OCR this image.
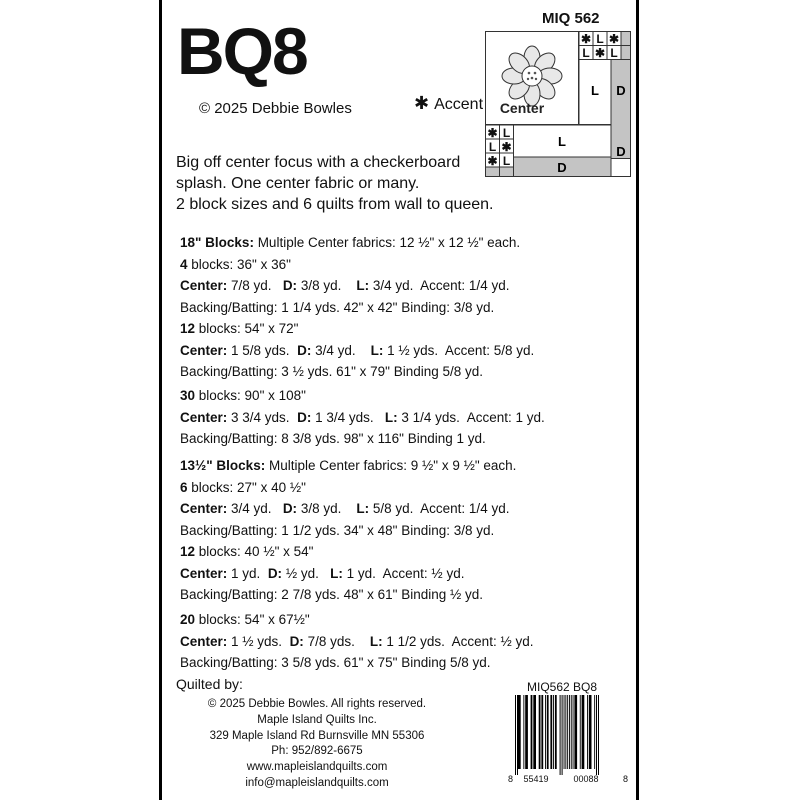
BQ8
© 2025 Debbie Bowles	✱ Accent
MIQ 562
Center
✱ L ✱
L ✱ L
L D
D
✱ L
L ✱
✱ L
L
D
Big off center focus with a checkerboard
splash. One center fabric or many.
2 block sizes and 6 quilts from wall to queen.
18" Blocks: Multiple Center fabrics: 12 ½" x 12 ½" each.
4 blocks: 36" x 36"
Center: 7/8 yd. D: 3/8 yd. L: 3/4 yd. Accent: 1/4 yd.
Backing/Batting: 1 1/4 yds. 42" x 42" Binding: 3/8 yd.
12 blocks: 54" x 72"
Center: 1 5/8 yds. D: 3/4 yd. L: 1 ½ yds. Accent: 5/8 yd.
Backing/Batting: 3 ½ yds. 61" x 79" Binding 5/8 yd.
30 blocks: 90" x 108"
Center: 3 3/4 yds. D: 1 3/4 yds. L: 3 1/4 yds. Accent: 1 yd.
Backing/Batting: 8 3/8 yds. 98" x 116" Binding 1 yd.
13½" Blocks: Multiple Center fabrics: 9 ½" x 9 ½" each.
6 blocks: 27" x 40 ½"
Center: 3/4 yd. D: 3/8 yd. L: 5/8 yd. Accent: 1/4 yd.
Backing/Batting: 1 1/2 yds. 34" x 48" Binding: 3/8 yd.
12 blocks: 40 ½" x 54"
Center: 1 yd. D: ½ yd. L: 1 yd. Accent: ½ yd.
Backing/Batting: 2 7/8 yds. 48" x 61" Binding ½ yd.
20 blocks: 54" x 67½"
Center: 1 ½ yds. D: 7/8 yds. L: 1 1/2 yds. Accent: ½ yd.
Backing/Batting: 3 5/8 yds. 61" x 75" Binding 5/8 yd.
Quilted by:
© 2025 Debbie Bowles. All rights reserved.
Maple Island Quilts Inc.
329 Maple Island Rd Burnsville MN 55306
Ph: 952/892-6675
www.mapleislandquilts.com
info@mapleislandquilts.com
MIQ562 BQ8
8 55419	00088	8
